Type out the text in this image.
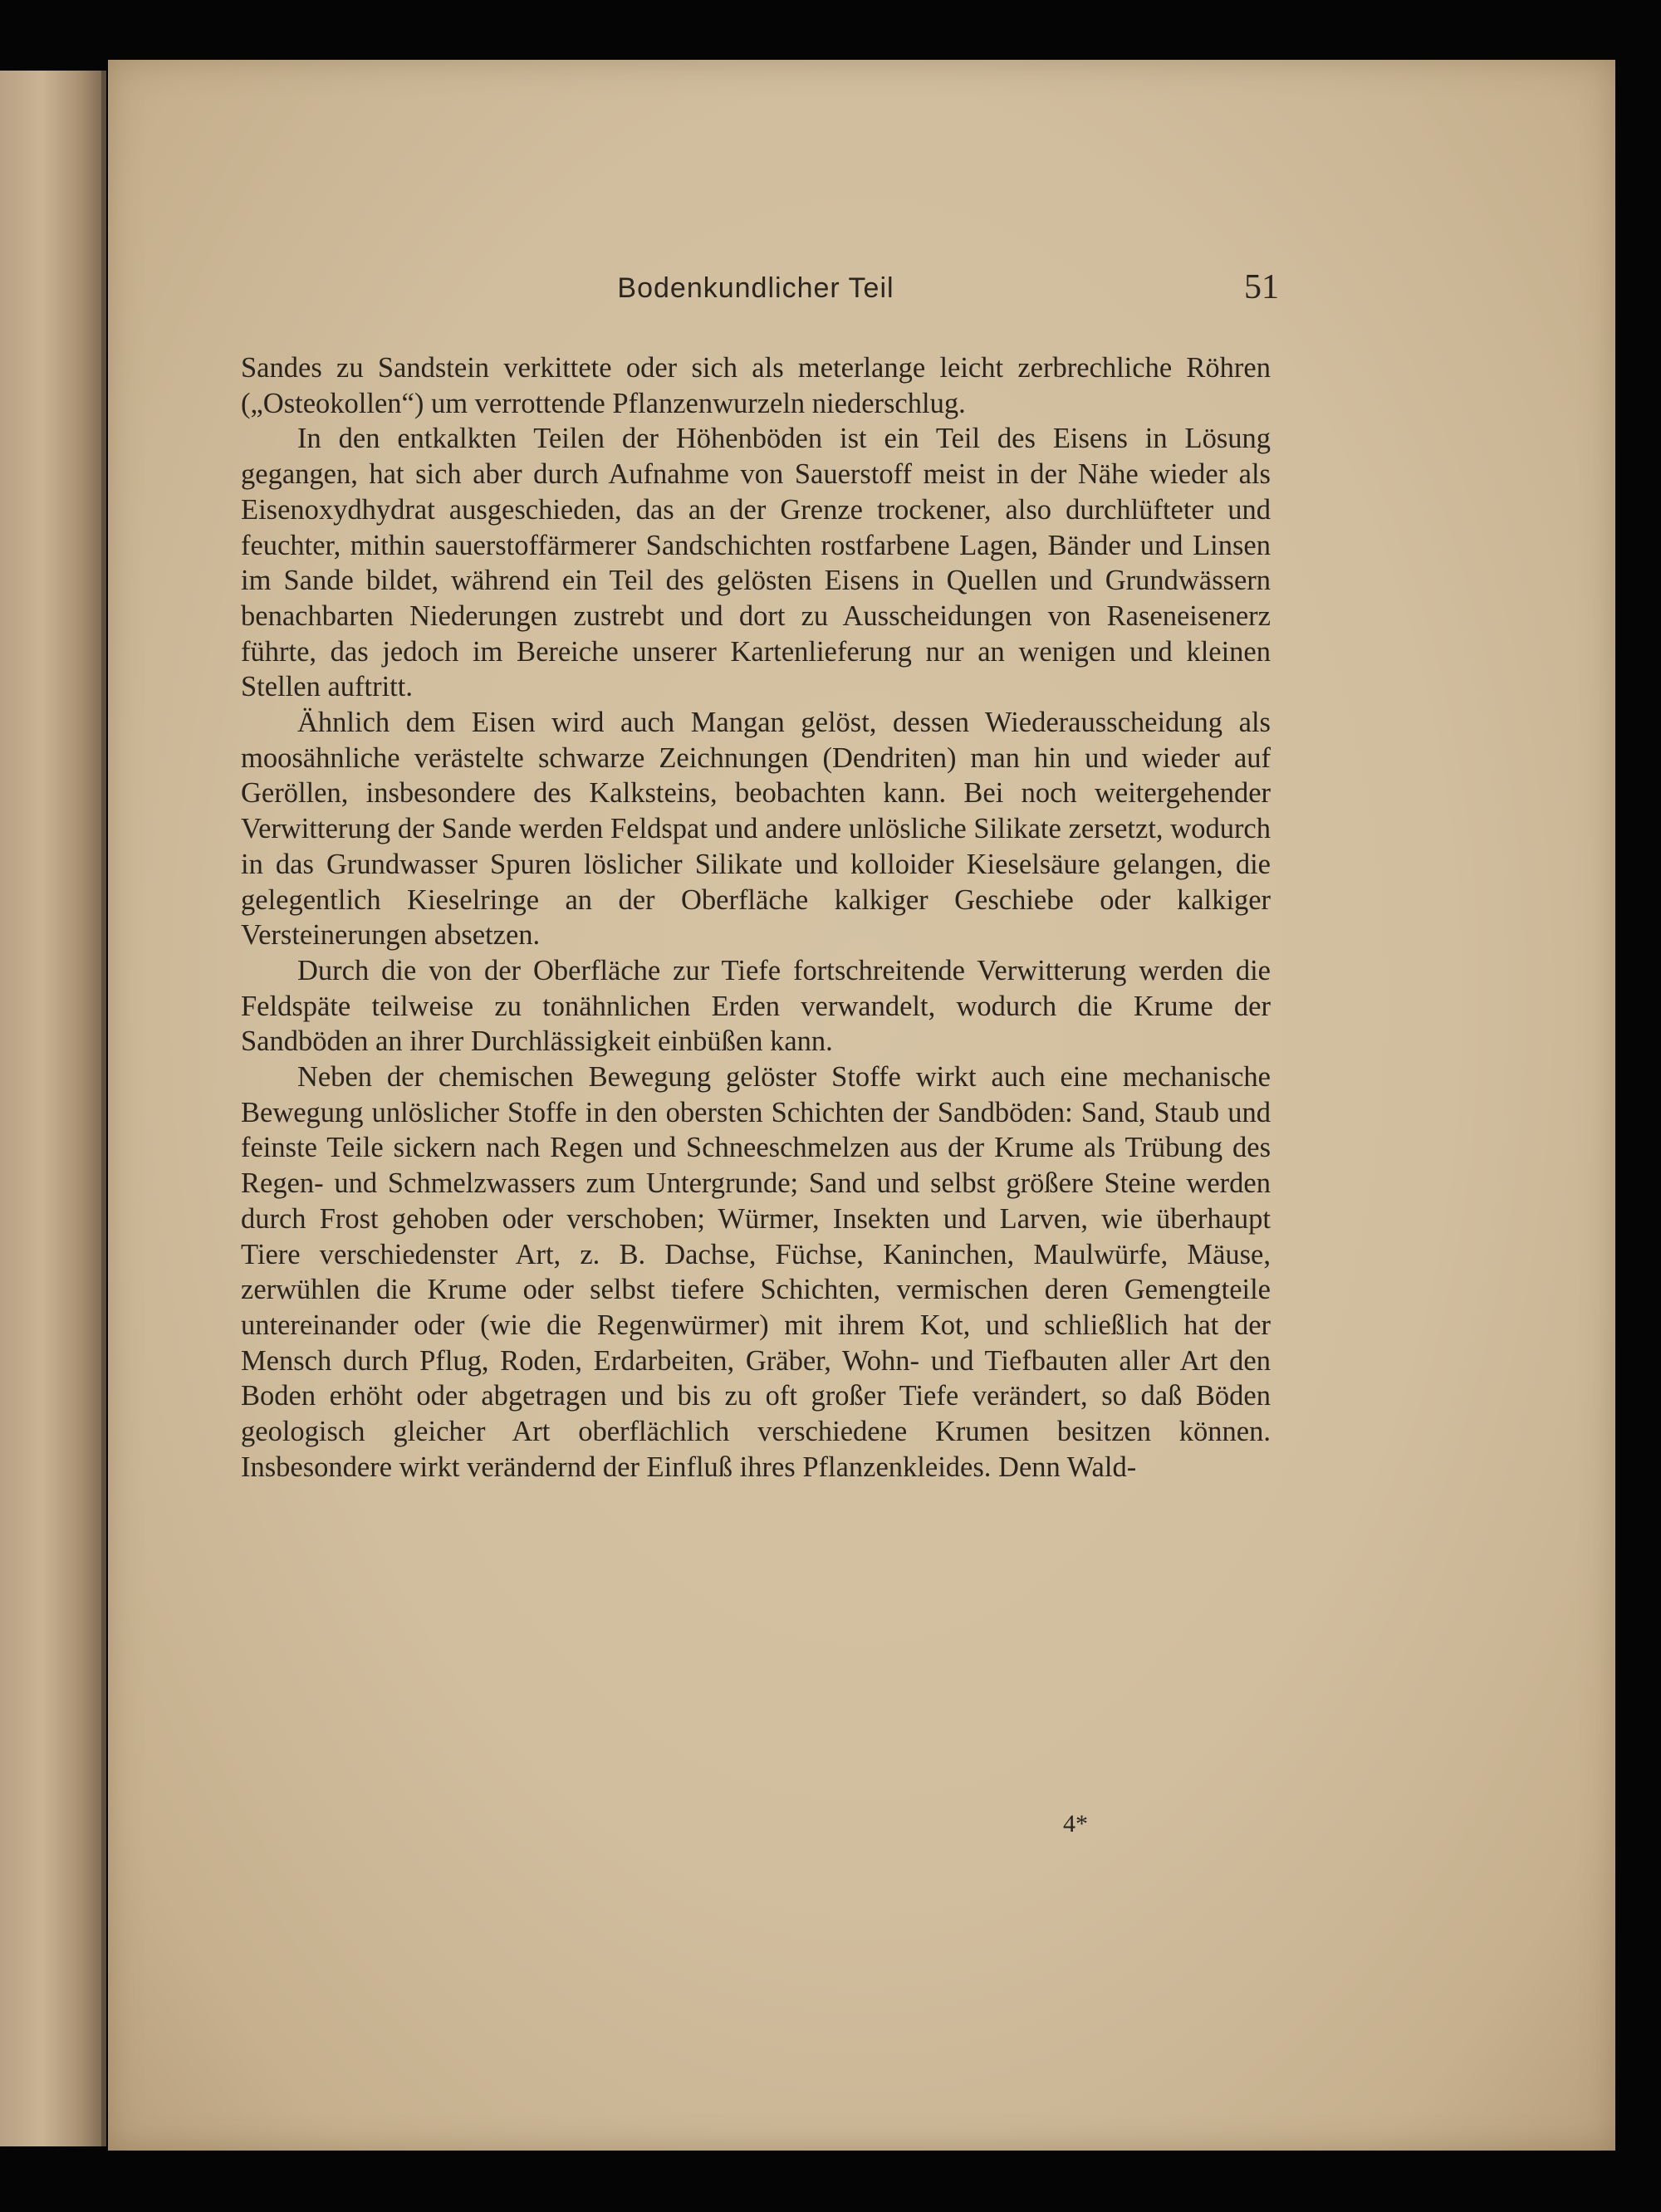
Bodenkundlicher Teil	51

Sandes zu Sandstein verkittete oder sich als meterlange leicht zerbrechliche Röhren („Osteokollen“) um verrottende Pflanzenwurzeln niederschlug.

In den entkalkten Teilen der Höhenböden ist ein Teil des Eisens in Lösung gegangen, hat sich aber durch Aufnahme von Sauerstoff meist in der Nähe wieder als Eisenoxydhydrat ausgeschieden, das an der Grenze trockener, also durchlüfteter und feuchter, mithin sauerstoffärmerer Sandschichten rostfarbene Lagen, Bänder und Linsen im Sande bildet, während ein Teil des gelösten Eisens in Quellen und Grundwässern benachbarten Niederungen zustrebt und dort zu Ausscheidungen von Raseneisenerz führte, das jedoch im Bereiche unserer Kartenlieferung nur an wenigen und kleinen Stellen auftritt.

Ähnlich dem Eisen wird auch Mangan gelöst, dessen Wiederausscheidung als moosähnliche verästelte schwarze Zeichnungen (Dendriten) man hin und wieder auf Geröllen, insbesondere des Kalksteins, beobachten kann. Bei noch weitergehender Verwitterung der Sande werden Feldspat und andere unlösliche Silikate zersetzt, wodurch in das Grundwasser Spuren löslicher Silikate und kolloider Kieselsäure gelangen, die gelegentlich Kieselringe an der Oberfläche kalkiger Geschiebe oder kalkiger Versteinerungen absetzen.

Durch die von der Oberfläche zur Tiefe fortschreitende Verwitterung werden die Feldspäte teilweise zu tonähnlichen Erden verwandelt, wodurch die Krume der Sandböden an ihrer Durchlässigkeit einbüßen kann.

Neben der chemischen Bewegung gelöster Stoffe wirkt auch eine mechanische Bewegung unlöslicher Stoffe in den obersten Schichten der Sandböden: Sand, Staub und feinste Teile sickern nach Regen und Schneeschmelzen aus der Krume als Trübung des Regen- und Schmelzwassers zum Untergrunde; Sand und selbst größere Steine werden durch Frost gehoben oder verschoben; Würmer, Insekten und Larven, wie überhaupt Tiere verschiedenster Art, z. B. Dachse, Füchse, Kaninchen, Maulwürfe, Mäuse, zerwühlen die Krume oder selbst tiefere Schichten, vermischen deren Gemengteile untereinander oder (wie die Regenwürmer) mit ihrem Kot, und schließlich hat der Mensch durch Pflug, Roden, Erdarbeiten, Gräber, Wohn- und Tiefbauten aller Art den Boden erhöht oder abgetragen und bis zu oft großer Tiefe verändert, so daß Böden geologisch gleicher Art oberflächlich verschiedene Krumen besitzen können. Insbesondere wirkt verändernd der Einfluß ihres Pflanzenkleides. Denn Wald-

4*
